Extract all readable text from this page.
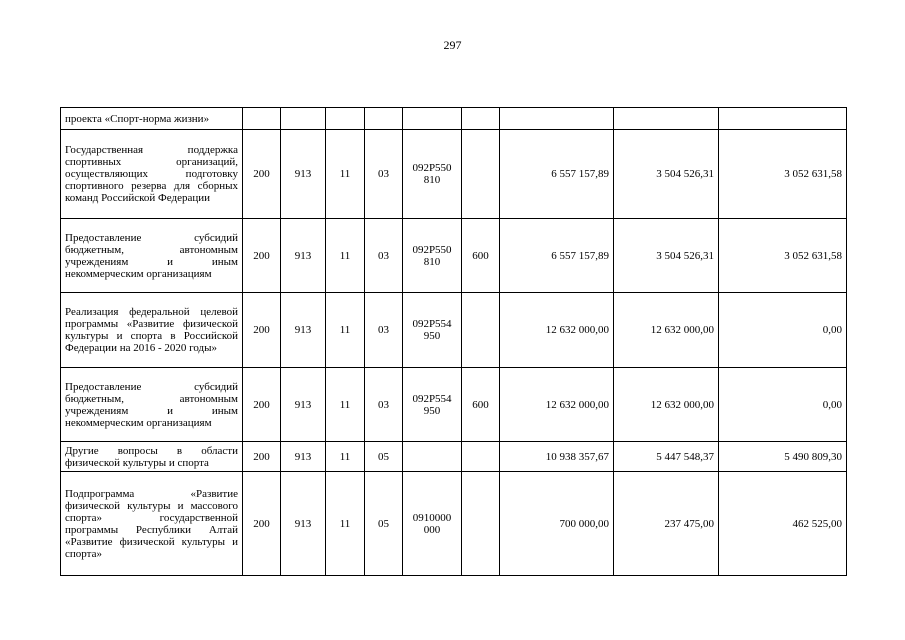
297
проекта «Спорт-норма жизни»									
Государственная поддержка спортивных организаций, осуществляющих подготовку спортивного резерва для сборных команд Российской Федерации	200	913	11	03	092P550 810		6 557 157,89	3 504 526,31	3 052 631,58
Предоставление субсидий бюджетным, автономным учреждениям и иным некоммерческим организациям	200	913	11	03	092P550 810	600	6 557 157,89	3 504 526,31	3 052 631,58
Реализация федеральной целевой программы «Развитие физической культуры и спорта в Российской Федерации на 2016 - 2020 годы»	200	913	11	03	092P554 950		12 632 000,00	12 632 000,00	0,00
Предоставление субсидий бюджетным, автономным учреждениям и иным некоммерческим организациям	200	913	11	03	092P554 950	600	12 632 000,00	12 632 000,00	0,00
Другие вопросы в области физической культуры и спорта	200	913	11	05			10 938 357,67	5 447 548,37	5 490 809,30
Подпрограмма «Развитие физической культуры и массового спорта» государственной программы Республики Алтай «Развитие физической культуры и спорта»	200	913	11	05	0910000 000		700 000,00	237 475,00	462 525,00
